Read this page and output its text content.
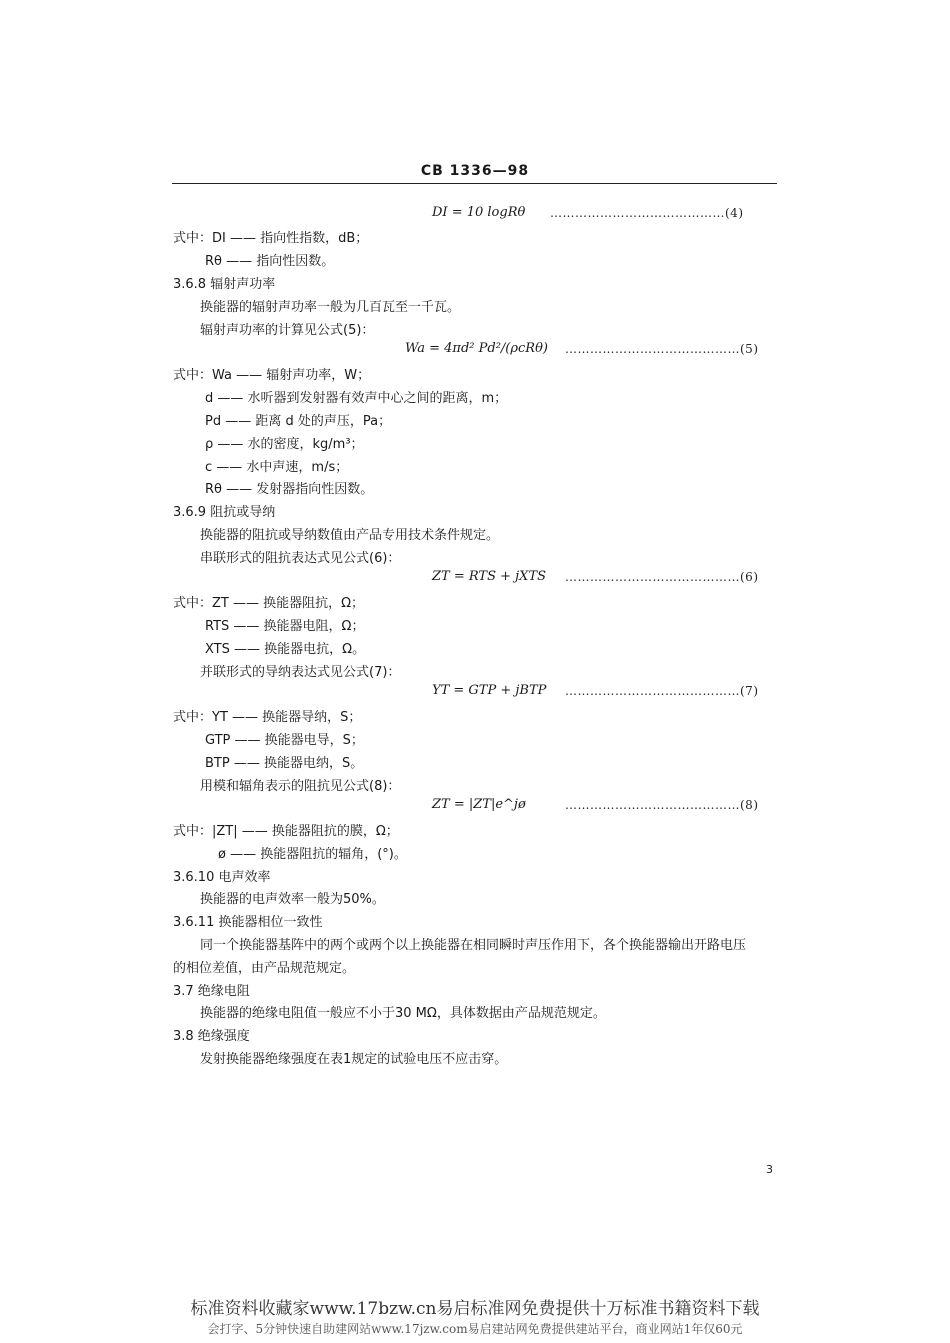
CB 1336—98
DI = 10 logRθ ……………………………………(4)
式中：DI —— 指向性指数，dB；
Rθ —— 指向性因数。
3.6.8 辐射声功率
换能器的辐射声功率一般为几百瓦至一千瓦。
辐射声功率的计算见公式(5)：
Wa = 4πd² Pd²/(ρcRθ) ……………………………………(5)
式中：Wa —— 辐射声功率，W；
d —— 水听器到发射器有效声中心之间的距离，m；
Pd —— 距离 d 处的声压，Pa；
ρ —— 水的密度，kg/m³；
c —— 水中声速，m/s；
Rθ —— 发射器指向性因数。
3.6.9 阻抗或导纳
换能器的阻抗或导纳数值由产品专用技术条件规定。
串联形式的阻抗表达式见公式(6)：
ZT = RTS + jXTS ……………………………………(6)
式中：ZT —— 换能器阻抗，Ω；
RTS —— 换能器电阻，Ω；
XTS —— 换能器电抗，Ω。
并联形式的导纳表达式见公式(7)：
YT = GTP + jBTP ……………………………………(7)
式中：YT —— 换能器导纳，S；
GTP —— 换能器电导，S；
BTP —— 换能器电纳，S。
用模和辐角表示的阻抗见公式(8)：
ZT = |ZT|e^jø	……………………………………(8)
式中：|ZT| —— 换能器阻抗的膜，Ω；
ø —— 换能器阻抗的辐角，(°)。
3.6.10 电声效率
换能器的电声效率一般为50%。
3.6.11 换能器相位一致性
同一个换能器基阵中的两个或两个以上换能器在相同瞬时声压作用下，各个换能器输出开路电压
的相位差值，由产品规范规定。
3.7 绝缘电阻
换能器的绝缘电阻值一般应不小于30 MΩ，具体数据由产品规范规定。
3.8 绝缘强度
发射换能器绝缘强度在表1规定的试验电压不应击穿。
3
标准资料收藏家www.17bzw.cn易启标准网免费提供十万标准书籍资料下载
会打字、5分钟快速自助建网站www.17jzw.com易启建站网免费提供建站平台，商业网站1年仅60元
